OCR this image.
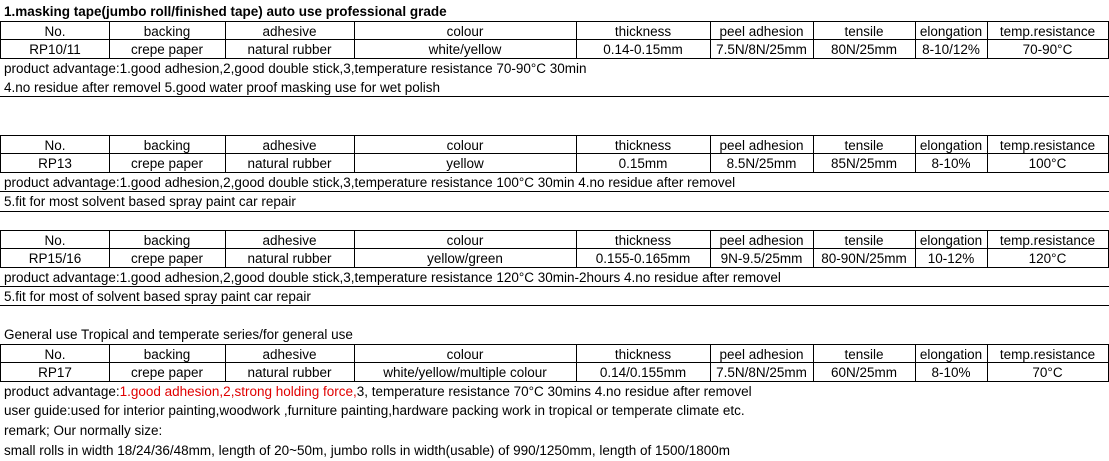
1.masking tape(jumbo roll/finished tape) auto use professional grade
No.	backing	adhesive	colour	thickness	peel adhesion	tensile	elongation	temp.resistance
RP10/11	crepe paper	natural rubber	white/yellow	0.14-0.15mm	7.5N/8N/25mm	80N/25mm	8-10/12%	70-90°C
product advantage:1.good adhesion,2,good double stick,3,temperature resistance 70-90°C 30min
4.no residue after removel 5.good water proof masking use for wet polish
No.	backing	adhesive	colour	thickness	peel adhesion	tensile	elongation	temp.resistance
RP13	crepe paper	natural rubber	yellow	0.15mm	8.5N/25mm	85N/25mm	8-10%	100°C
product advantage:1.good adhesion,2,good double stick,3,temperature resistance 100°C 30min 4.no residue after removel
5.fit for most solvent based spray paint car repair
No.	backing	adhesive	colour	thickness	peel adhesion	tensile	elongation	temp.resistance
RP15/16	crepe paper	natural rubber	yellow/green	0.155-0.165mm	9N-9.5/25mm	80-90N/25mm	10-12%	120°C
product advantage:1.good adhesion,2,good double stick,3,temperature resistance 120°C 30min-2hours 4.no residue after removel
5.fit for most of solvent based spray paint car repair
General use Tropical and temperate series/for general use
No.	backing	adhesive	colour	thickness	peel adhesion	tensile	elongation	temp.resistance
RP17	crepe paper	natural rubber	white/yellow/multiple colour	0.14/0.155mm	7.5N/8N/25mm	60N/25mm	8-10%	70°C
product advantage:1.good adhesion,2,strong holding force,3, temperature resistance 70°C 30mins 4.no residue after removel
user guide:used for interior painting,woodwork ,furniture painting,hardware packing work in tropical or temperate climate etc.
remark; Our normally size:
small rolls in width 18/24/36/48mm, length of 20~50m, jumbo rolls in width(usable) of 990/1250mm, length of 1500/1800m
